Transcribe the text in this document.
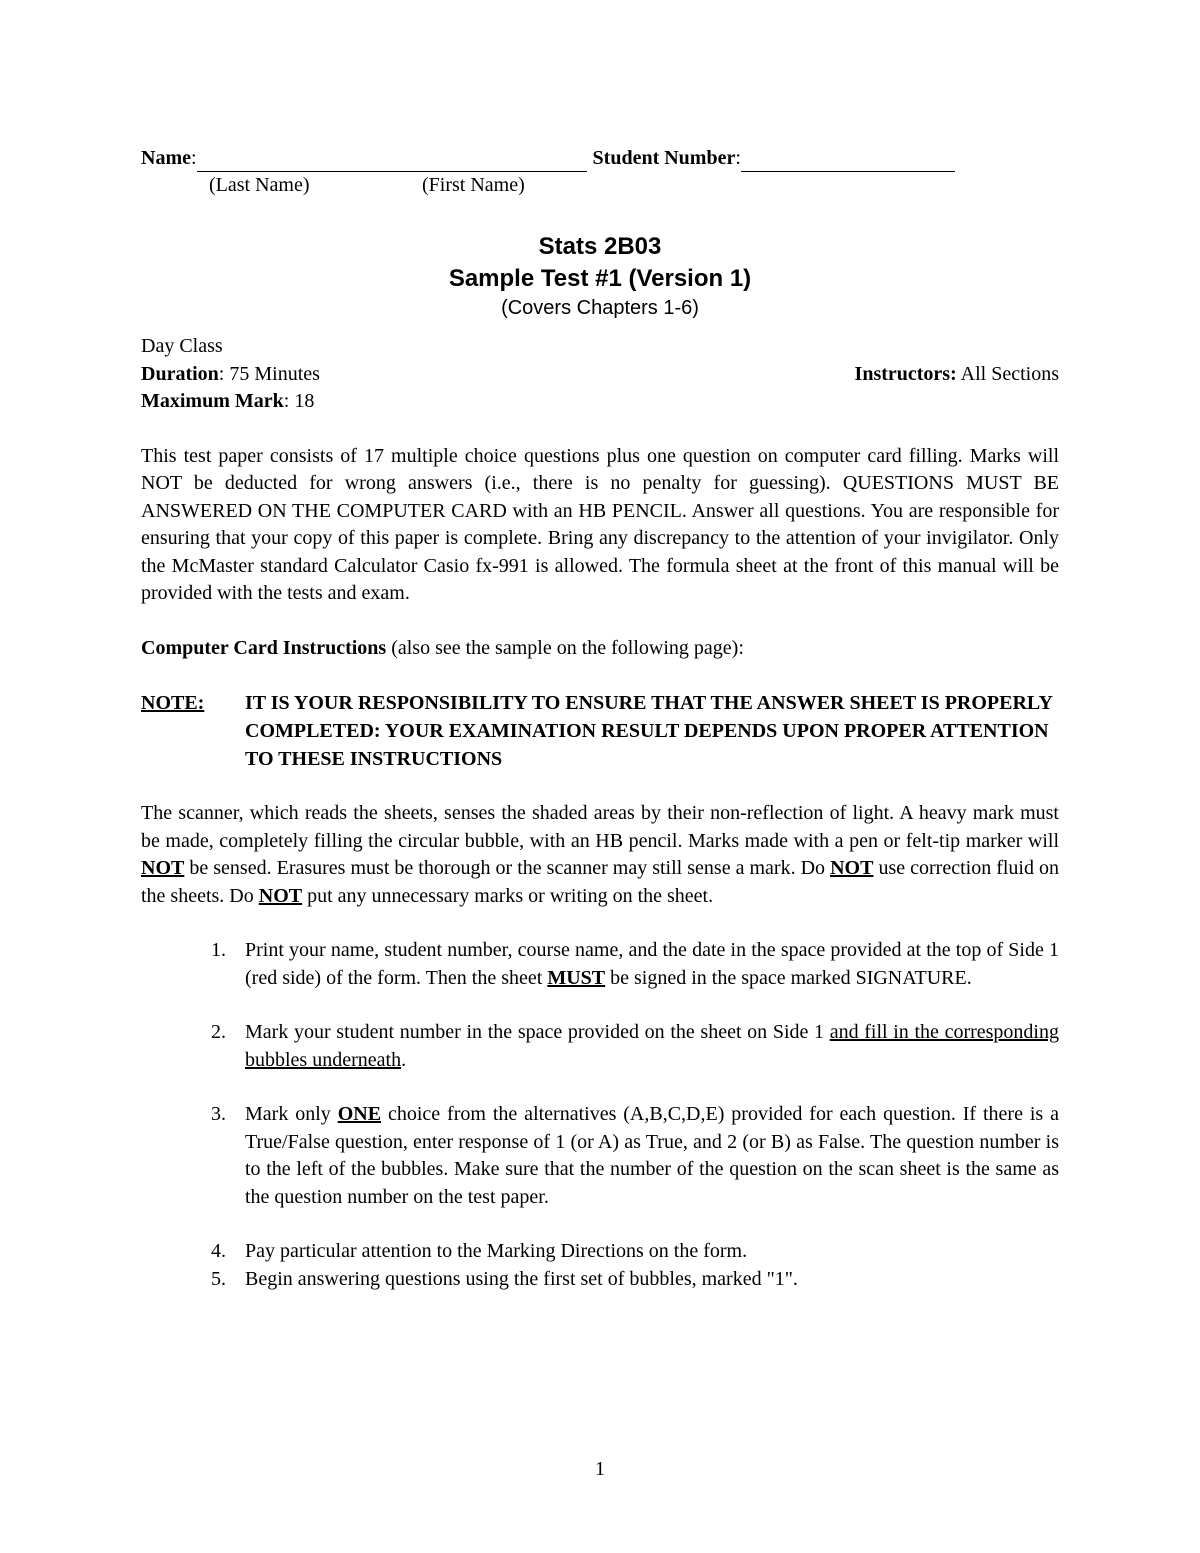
Name :	Student Number :
(Last Name)	(First Name)
Stats 2B03
Sample Test #1 (Version 1)
(Covers Chapters 1-6)
Day Class
Duration: 75 Minutes	Instructors: All Sections
Maximum Mark: 18

This test paper consists of 17 multiple choice questions plus one question on computer card filling. Marks will NOT be deducted for wrong answers (i.e., there is no penalty for guessing). QUESTIONS MUST BE ANSWERED ON THE COMPUTER CARD with an HB PENCIL. Answer all questions. You are responsible for ensuring that your copy of this paper is complete. Bring any discrepancy to the attention of your invigilator. Only the McMaster standard Calculator Casio fx-991 is allowed. The formula sheet at the front of this manual will be provided with the tests and exam.

Computer Card Instructions (also see the sample on the following page):

NOTE:	IT IS YOUR RESPONSIBILITY TO ENSURE THAT THE ANSWER SHEET IS PROPERLY COMPLETED: YOUR EXAMINATION RESULT DEPENDS UPON PROPER ATTENTION TO THESE INSTRUCTIONS

The scanner, which reads the sheets, senses the shaded areas by their non-reflection of light. A heavy mark must be made, completely filling the circular bubble, with an HB pencil. Marks made with a pen or felt-tip marker will NOT be sensed. Erasures must be thorough or the scanner may still sense a mark. Do NOT use correction fluid on the sheets. Do NOT put any unnecessary marks or writing on the sheet.

1. Print your name, student number, course name, and the date in the space provided at the top of Side 1 (red side) of the form. Then the sheet MUST be signed in the space marked SIGNATURE.
2. Mark your student number in the space provided on the sheet on Side 1 and fill in the corresponding bubbles underneath.
3. Mark only ONE choice from the alternatives (A,B,C,D,E) provided for each question. If there is a True/False question, enter response of 1 (or A) as True, and 2 (or B) as False. The question number is to the left of the bubbles. Make sure that the number of the question on the scan sheet is the same as the question number on the test paper.
4. Pay particular attention to the Marking Directions on the form.
5. Begin answering questions using the first set of bubbles, marked "1".
1
